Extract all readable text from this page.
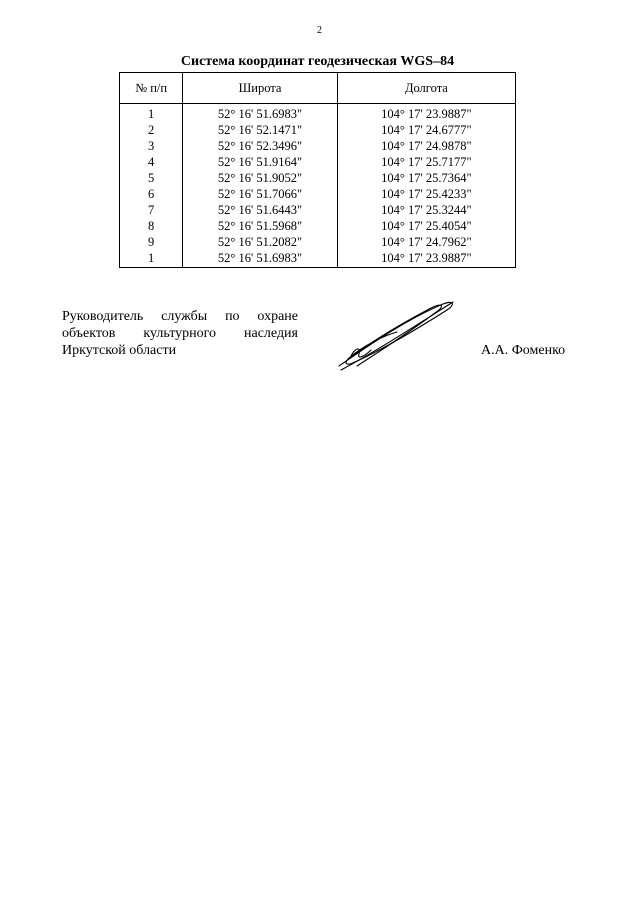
2
Система координат геодезическая WGS–84
№ п/п	Широта	Долгота
1	52° 16' 51.6983"	104° 17' 23.9887"
2	52° 16' 52.1471"	104° 17' 24.6777"
3	52° 16' 52.3496"	104° 17' 24.9878"
4	52° 16' 51.9164"	104° 17' 25.7177"
5	52° 16' 51.9052"	104° 17' 25.7364"
6	52° 16' 51.7066"	104° 17' 25.4233"
7	52° 16' 51.6443"	104° 17' 25.3244"
8	52° 16' 51.5968"	104° 17' 25.4054"
9	52° 16' 51.2082"	104° 17' 24.7962"
1	52° 16' 51.6983"	104° 17' 23.9887"
Руководитель службы по охране
объектов культурного наследия
Иркутской области	А.А. Фоменко
